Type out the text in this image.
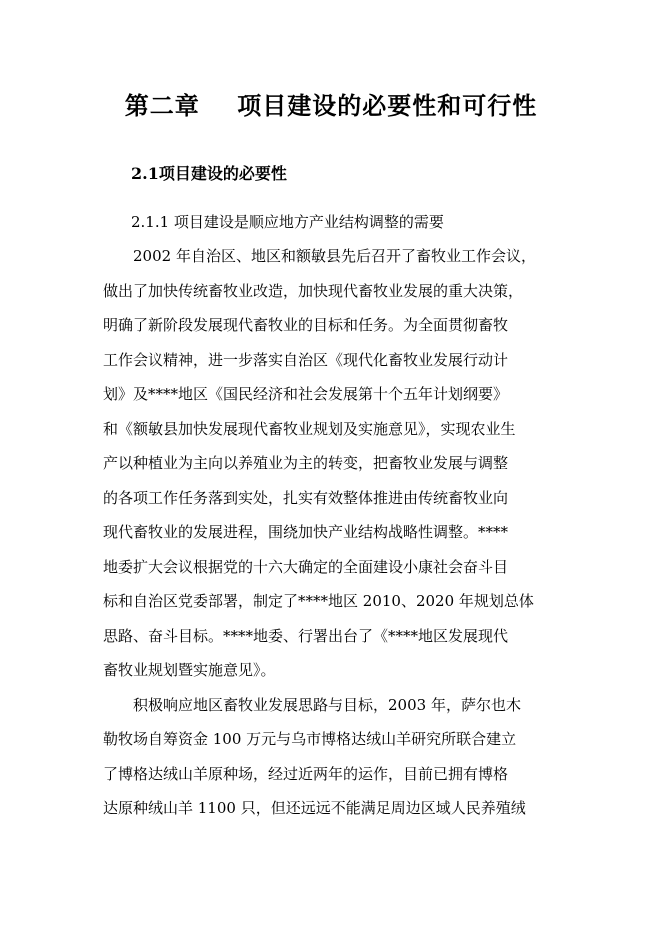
第二章    项目建设的必要性和可行性
2.1项目建设的必要性
2.1.1 项目建设是顺应地方产业结构调整的需要
　　2002 年自治区、地区和额敏县先后召开了畜牧业工作会议，
做出了加快传统畜牧业改造，加快现代畜牧业发展的重大决策，
明确了新阶段发展现代畜牧业的目标和任务。为全面贯彻畜牧
工作会议精神，进一步落实自治区《现代化畜牧业发展行动计
划》及****地区《国民经济和社会发展第十个五年计划纲要》
和《额敏县加快发展现代畜牧业规划及实施意见》，实现农业生
产以种植业为主向以养殖业为主的转变，把畜牧业发展与调整
的各项工作任务落到实处，扎实有效整体推进由传统畜牧业向
现代畜牧业的发展进程，围绕加快产业结构战略性调整。****
地委扩大会议根据党的十六大确定的全面建设小康社会奋斗目
标和自治区党委部署，制定了****地区 2010、2020 年规划总体
思路、奋斗目标。****地委、行署出台了《****地区发展现代
畜牧业规划暨实施意见》。
　　积极响应地区畜牧业发展思路与目标，2003 年，萨尔也木
勒牧场自筹资金 100 万元与乌市博格达绒山羊研究所联合建立
了博格达绒山羊原种场，经过近两年的运作，目前已拥有博格
达原种绒山羊 1100 只，但还远远不能满足周边区域人民养殖绒
